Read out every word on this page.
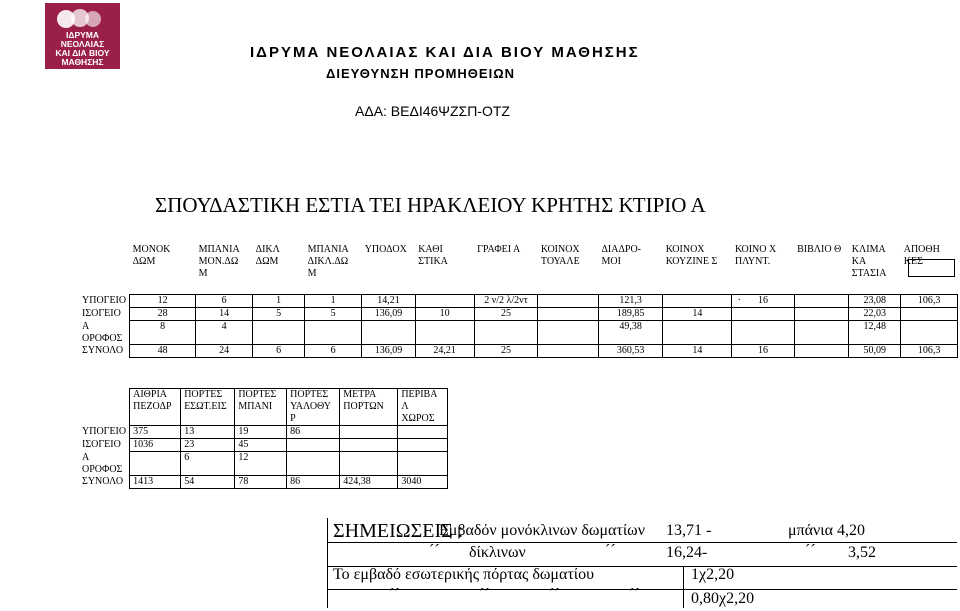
ΙΔΡΥΜΑ
ΝΕΟΛΑΙΑΣ
ΚΑΙ ΔΙΑ ΒΙΟΥ
ΜΑΘΗΣΗΣ
ΙΔΡΥΜΑ ΝΕΟΛΑΙΑΣ ΚΑΙ ΔΙΑ ΒΙΟΥ ΜΑΘΗΣΗΣ
ΔΙΕΥΘΥΝΣΗ ΠΡΟΜΗΘΕΙΩΝ
ΑΔΑ: ΒΕΔΙ46ΨΖΣΠ-ΟΤΖ
ΣΠΟΥΔΑΣΤΙΚΗ ΕΣΤΙΑ ΤΕΙ ΗΡΑΚΛΕΙΟΥ ΚΡΗΤΗΣ ΚΤΙΡΙΟ Α
	ΜΟΝΟΚ ΔΩΜ	ΜΠΑΝΙΑ ΜΟΝ.ΔΩ Μ	ΔΙΚΛ ΔΩΜ	ΜΠΑΝΙΑ ΔΙΚΛ.ΔΩ Μ	ΥΠΟΔΟΧ	ΚΑΘΙ ΣΤΙΚΑ	ΓΡΑΦΕΙ Α	ΚΟΙΝΟΧ ΤΟΥΑΛΕ	ΔΙΑΔΡΟ- ΜΟΙ	ΚΟΙΝΟΧ ΚΟΥΖΙΝΕ Σ	ΚΟΙΝΟ Χ ΠΛΥΝΤ.	ΒΙΒΛΙΟ Θ	ΚΛΙΜΑ ΚΑ ΣΤΑΣΙΑ	ΑΠΟΘΗ ΚΕΣ
ΥΠΟΓΕΙΟ	12	6	1	1	14,21		2 ν/2 λ/2ντ		121,3		16		23,08	106,3
ΙΣΟΓΕΙΟ	28	14	5	5	136,09	10	25		189,85	14			22,03	
Α ΟΡΟΦΟΣ	8	4							49,38				12,48	
ΣΥΝΟΛΟ	48	24	6	6	136,09	24,21	25		360,53	14	16		50,09	106,3
	ΑΙΘΡΙΑ ΠΕΖΟΔΡ	ΠΟΡΤΕΣ ΕΣΩΤ.ΕΙΣ	ΠΟΡΤΕΣ ΜΠΑΝΙ	ΠΟΡΤΕΣ ΥΑΛΟΘΥ Ρ	ΜΕΤΡΑ ΠΟΡΤΩΝ	ΠΕΡΙΒΑ Λ ΧΩΡΟΣ
ΥΠΟΓΕΙΟ	375	13	19	86		
ΙΣΟΓΕΙΟ	1036	23	45			
Α ΟΡΟΦΟΣ		6	12			
ΣΥΝΟΛΟ	1413	54	78	86	424,38	3040
ΣΗΜΕΙΩΣΕΙΣ :
Εμβαδόν μονόκλινων δωματίων 13,71 -	μπάνια 4,20
´´ δίκλινων	´´	16,24-	´´ 3,52
Το εμβαδό εσωτερικής πόρτας δωματίου	1χ2,20
´´	´´	´´	´´	0,80χ2,20
.
